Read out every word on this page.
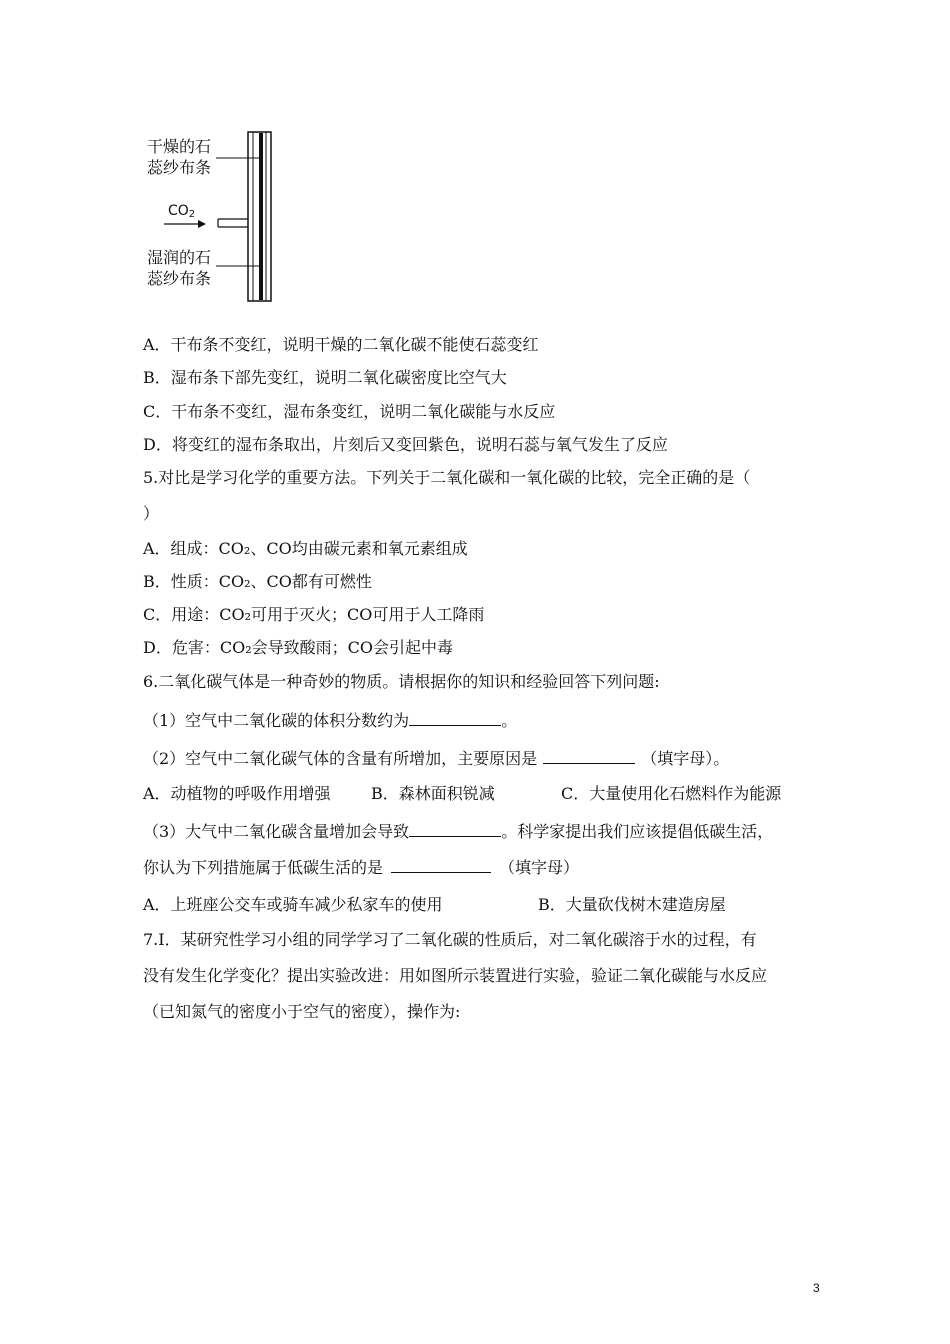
干燥的石
蕊纱布条
$CO_2$
湿润的石
蕊纱布条
A．干布条不变红，说明干燥的二氧化碳不能使石蕊变红
B．湿布条下部先变红，说明二氧化碳密度比空气大
C．干布条不变红，湿布条变红，说明二氧化碳能与水反应
D．将变红的湿布条取出，片刻后又变回紫色，说明石蕊与氧气发生了反应
5.对比是学习化学的重要方法。下列关于二氧化碳和一氧化碳的比较，完全正确的是（
）
A．组成：CO₂、CO均由碳元素和氧元素组成
B．性质：CO₂、CO都有可燃性
C．用途：CO₂可用于灭火；CO可用于人工降雨
D．危害：CO₂会导致酸雨；CO会引起中毒
6.二氧化碳气体是一种奇妙的物质。请根据你的知识和经验回答下列问题:
（1）空气中二氧化碳的体积分数约为	。
（2）空气中二氧化碳气体的含量有所增加，主要原因是	（填字母）。
A．动植物的呼吸作用增强	B．森林面积锐减	C．大量使用化石燃料作为能源
（3）大气中二氧化碳含量增加会导致	。科学家提出我们应该提倡低碳生活，
你认为下列措施属于低碳生活的是	（填字母）
A．上班座公交车或骑车减少私家车的使用	B．大量砍伐树木建造房屋
7.Ⅰ．某研究性学习小组的同学学习了二氧化碳的性质后，对二氧化碳溶于水的过程，有
没有发生化学变化？提出实验改进：用如图所示装置进行实验，验证二氧化碳能与水反应
（已知氮气的密度小于空气的密度），操作为:
3
